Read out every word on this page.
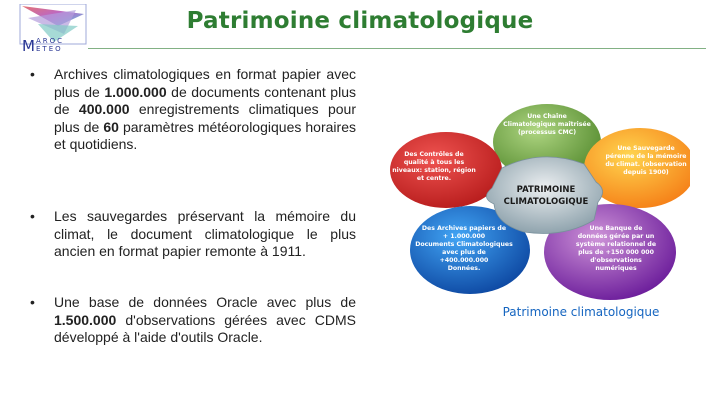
M AROC
ETEO
Patrimoine climatologique
• Archives climatologiques en format papier avec plus de 1.000.000 de documents contenant plus de 400.000 enregistrements climatiques pour plus de 60 paramètres météorologiques horaires et quotidiens.
• Les sauvegardes préservant la mémoire du climat, le document climatologique le plus ancien en format papier remonte à 1911.
• Une base de données Oracle avec plus de 1.500.000 d'observations gérées avec CDMS développé à l'aide d'outils Oracle.
PATRIMOINE
CLIMATOLOGIQUE
Une Chaîne
Climatologique maîtrisée
(processus CMC)
Des Contrôles de
qualité à tous les
niveaux: station, région
et centre.
Une Sauvegarde
pérenne de la mémoire
du climat. (observation
depuis 1900)
Des Archives papiers de
+ 1.000.000
Documents Climatologiques
avec plus de
+400.000.000
Données.
Une Banque de
données gérée par un
système relationnel de
plus de +150 000 000
d'observations
numériques
Patrimoine climatologique
